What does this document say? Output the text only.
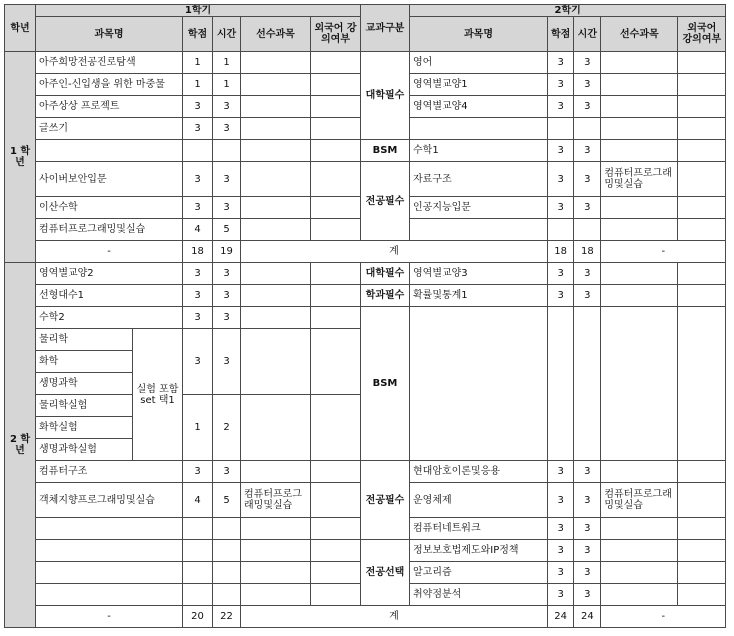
학년	1학기						교과구분	2학기				
	과목명		학점	시간	선수과목	외국어 강의여부		과목명	학점	시간	선수과목	외국어 강의여부
1 학 년	아주희망전공진로탐색		1	1			대학필수	영어	3	3		
	아주인-신입생을 위한 마중물		1	1				영역별교양1	3	3		
	아주상상 프로젝트		3	3				영역별교양4	3	3		
	글쓰기		3	3								
							BSM	수학1	3	3		
	사이버보안입문		3	3			전공필수	자료구조	3	3	컴퓨터프로그래밍및실습	
	이산수학		3	3				인공지능입문	3	3		
	컴퓨터프로그래밍및실습		4	5								
	-		18	19	계				18	18	-	
2 학 년	영역별교양2		3	3			대학필수	영역별교양3	3	3		
	선형대수1		3	3			학과필수	확률및통계1	3	3		
	수학2		3	3			BSM					
	물리학	실험 포함 set 택1	3	3								
	화학											
	생명과학											
	물리학실험		1	2								
	화학실험											
	생명과학실험											
	컴퓨터구조		3	3			전공필수	현대암호이론및응용	3	3		
	객체지향프로그래밍및실습		4	5	컴퓨터프로그래밍및실습			운영체제	3	3	컴퓨터프로그래밍및실습	
								컴퓨터네트워크	3	3		
							전공선택	정보보호법제도와IP정책	3	3		
								알고리즘	3	3		
								취약점분석	3	3		
	-		20	22	계				24	24	-	
